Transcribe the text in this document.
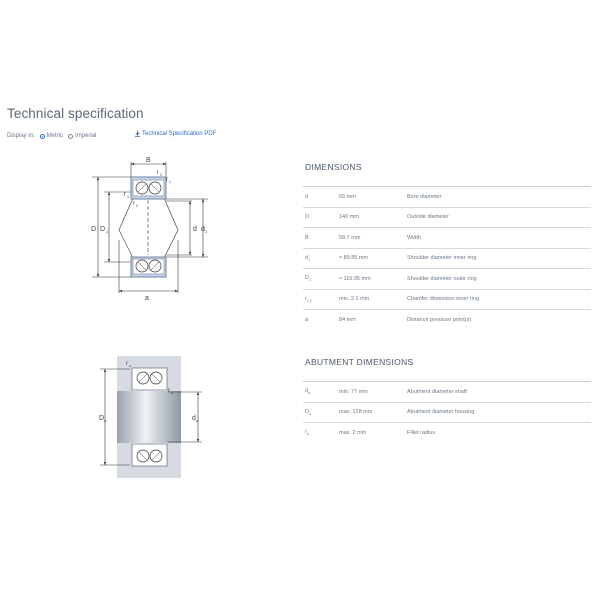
Technical specification
Display in: Metric Imperial	Technical Specification PDF
B
a
D D 1	d d 1
r 2
r 1
r 1
r 2
r a
r a
D a	d a
DIMENSIONS
d	65 mm	Bore diameter
D	140 mm	Outside diameter
B	58.7 mm	Width
$d_1$	≈ 89.85 mm	Shoulder diameter inner ring
$D_1$	≈ 115.95 mm	Shoulder diameter outer ring
$r_{1,2}$	min. 2.1 mm	Chamfer dimension inner ring
a	84 mm	Distance pressure point(s)
ABUTMENT DIMENSIONS
$d_a$	min. 77 mm	Abutment diameter shaft
$D_a$	max. 128 mm	Abutment diameter housing
$r_a$	max. 2 mm	Fillet radius
